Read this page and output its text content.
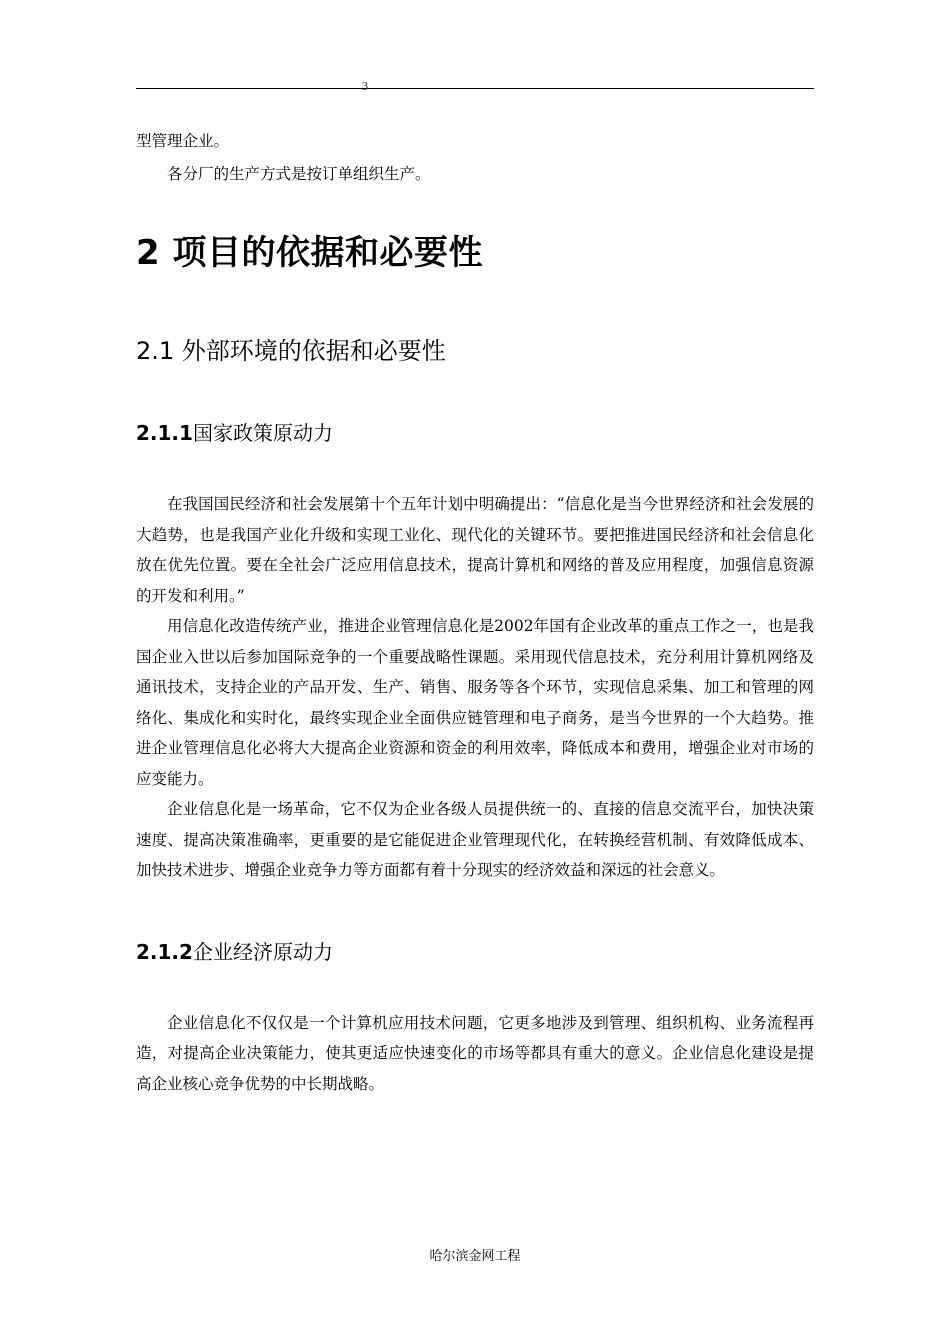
3

型管理企业。

各分厂的生产方式是按订单组织生产。

2 项目的依据和必要性
2.1 外部环境的依据和必要性
2.1.1国家政策原动力

在我国国民经济和社会发展第十个五年计划中明确提出：“信息化是当今世界经济和社会发展的大趋势，也是我国产业化升级和实现工业化、现代化的关键环节。要把推进国民经济和社会信息化放在优先位置。要在全社会广泛应用信息技术，提高计算机和网络的普及应用程度，加强信息资源的开发和利用。”

用信息化改造传统产业，推进企业管理信息化是2002年国有企业改革的重点工作之一，也是我国企业入世以后参加国际竞争的一个重要战略性课题。采用现代信息技术，充分利用计算机网络及通讯技术，支持企业的产品开发、生产、销售、服务等各个环节，实现信息采集、加工和管理的网络化、集成化和实时化，最终实现企业全面供应链管理和电子商务，是当今世界的一个大趋势。推进企业管理信息化必将大大提高企业资源和资金的利用效率，降低成本和费用，增强企业对市场的应变能力。

企业信息化是一场革命，它不仅为企业各级人员提供统一的、直接的信息交流平台，加快决策速度、提高决策准确率，更重要的是它能促进企业管理现代化，在转换经营机制、有效降低成本、加快技术进步、增强企业竞争力等方面都有着十分现实的经济效益和深远的社会意义。

2.1.2企业经济原动力

企业信息化不仅仅是一个计算机应用技术问题，它更多地涉及到管理、组织机构、业务流程再造，对提高企业决策能力，使其更适应快速变化的市场等都具有重大的意义。企业信息化建设是提高企业核心竞争优势的中长期战略。

哈尔滨金网工程
